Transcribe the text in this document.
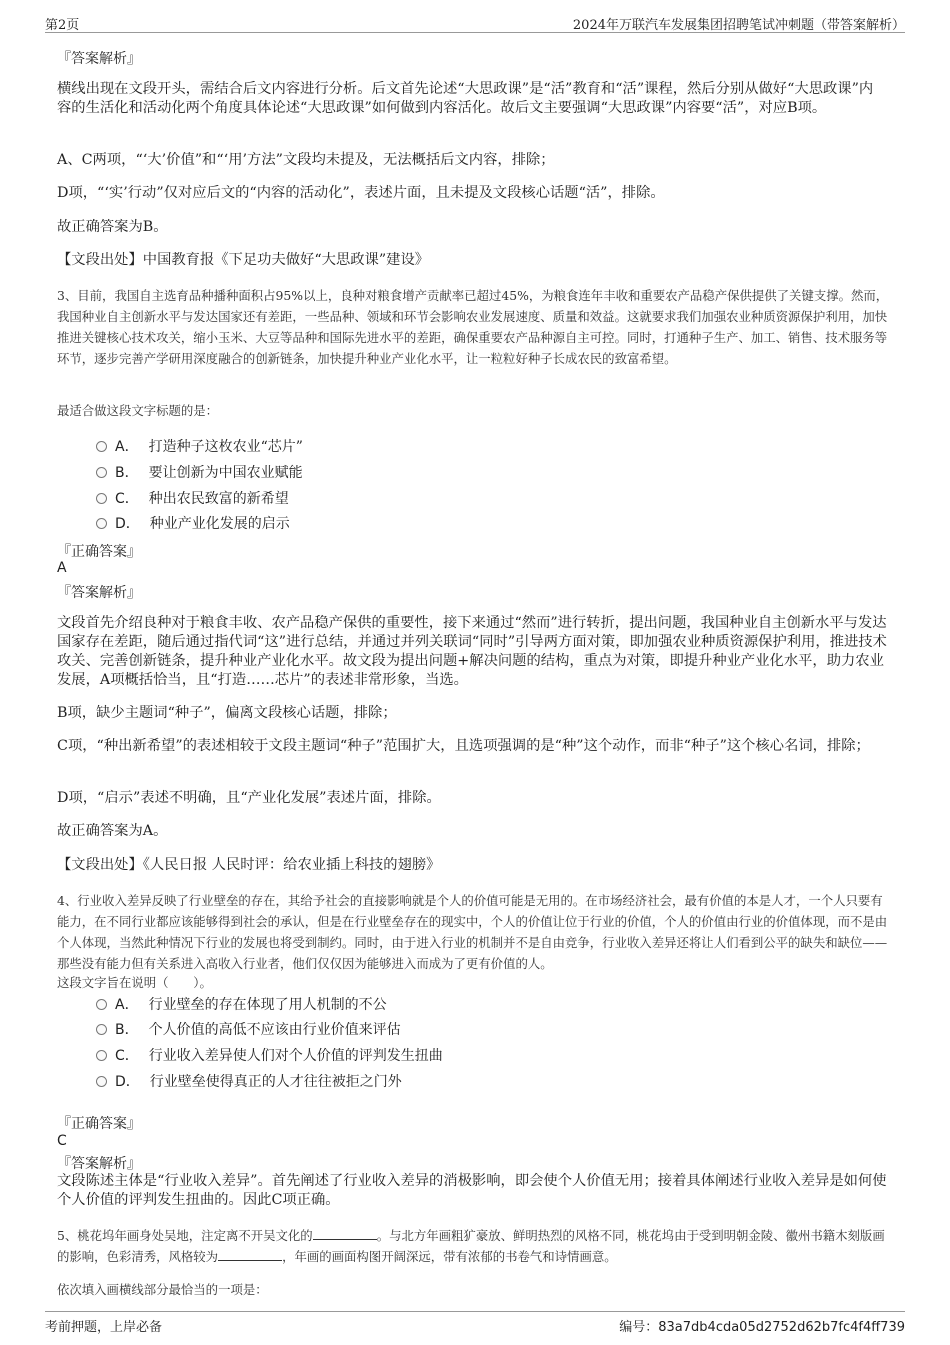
第2页	2024年万联汽车发展集团招聘笔试冲刺题（带答案解析）
『答案解析』
横线出现在文段开头，需结合后文内容进行分析。后文首先论述“大思政课”是“活”教育和“活”课程，然后分别从做好“大思政课”内容的生活化和活动化两个角度具体论述“大思政课”如何做到内容活化。故后文主要强调“大思政课”内容要“活”，对应B项。
A、C两项，“‘大’价值”和“‘用’方法”文段均未提及，无法概括后文内容，排除；
D项，“‘实’行动”仅对应后文的“内容的活动化”，表述片面，且未提及文段核心话题“活”，排除。
故正确答案为B。
【文段出处】中国教育报《下足功夫做好“大思政课”建设》
3、目前，我国自主选育品种播种面积占95%以上，良种对粮食增产贡献率已超过45%，为粮食连年丰收和重要农产品稳产保供提供了关键支撑。然而，我国种业自主创新水平与发达国家还有差距，一些品种、领域和环节会影响农业发展速度、质量和效益。这就要求我们加强农业种质资源保护利用，加快推进关键核心技术攻关，缩小玉米、大豆等品种和国际先进水平的差距，确保重要农产品种源自主可控。同时，打通种子生产、加工、销售、技术服务等环节，逐步完善产学研用深度融合的创新链条，加快提升种业产业化水平，让一粒粒好种子长成农民的致富希望。
最适合做这段文字标题的是：
A． 打造种子这枚农业“芯片”
B． 要让创新为中国农业赋能
C． 种出农民致富的新希望
D． 种业产业化发展的启示
『正确答案』
A
『答案解析』
文段首先介绍良种对于粮食丰收、农产品稳产保供的重要性，接下来通过“然而”进行转折，提出问题，我国种业自主创新水平与发达国家存在差距，随后通过指代词“这”进行总结，并通过并列关联词“同时”引导两方面对策，即加强农业种质资源保护利用，推进技术攻关、完善创新链条，提升种业产业化水平。故文段为提出问题+解决问题的结构，重点为对策，即提升种业产业化水平，助力农业发展，A项概括恰当，且“打造……芯片”的表述非常形象，当选。
B项，缺少主题词“种子”，偏离文段核心话题，排除；
C项，“种出新希望”的表述相较于文段主题词“种子”范围扩大，且选项强调的是“种”这个动作，而非“种子”这个核心名词，排除；
D项，“启示”表述不明确，且“产业化发展”表述片面，排除。
故正确答案为A。
【文段出处】《人民日报 人民时评：给农业插上科技的翅膀》
4、行业收入差异反映了行业壁垒的存在，其给予社会的直接影响就是个人的价值可能是无用的。在市场经济社会，最有价值的本是人才，一个人只要有能力，在不同行业都应该能够得到社会的承认，但是在行业壁垒存在的现实中，个人的价值让位于行业的价值，个人的价值由行业的价值体现，而不是由个人体现，当然此种情况下行业的发展也将受到制约。同时，由于进入行业的机制并不是自由竞争，行业收入差异还将让人们看到公平的缺失和缺位——那些没有能力但有关系进入高收入行业者，他们仅仅因为能够进入而成为了更有价值的人。
这段文字旨在说明（　　）。
A． 行业壁垒的存在体现了用人机制的不公
B． 个人价值的高低不应该由行业价值来评估
C． 行业收入差异使人们对个人价值的评判发生扭曲
D． 行业壁垒使得真正的人才往往被拒之门外
『正确答案』
C
『答案解析』
文段陈述主体是“行业收入差异”。首先阐述了行业收入差异的消极影响，即会使个人价值无用；接着具体阐述行业收入差异是如何使个人价值的评判发生扭曲的。因此C项正确。
5、桃花坞年画身处吴地，注定离不开吴文化的	。与北方年画粗犷豪放、鲜明热烈的风格不同，桃花坞由于受到明朝金陵、徽州书籍木刻版画的影响，色彩清秀，风格较为	，年画的画面构图开阔深远，带有浓郁的书卷气和诗情画意。
依次填入画横线部分最恰当的一项是：
考前押题，上岸必备	编号：83a7db4cda05d2752d62b7fc4f4ff739
